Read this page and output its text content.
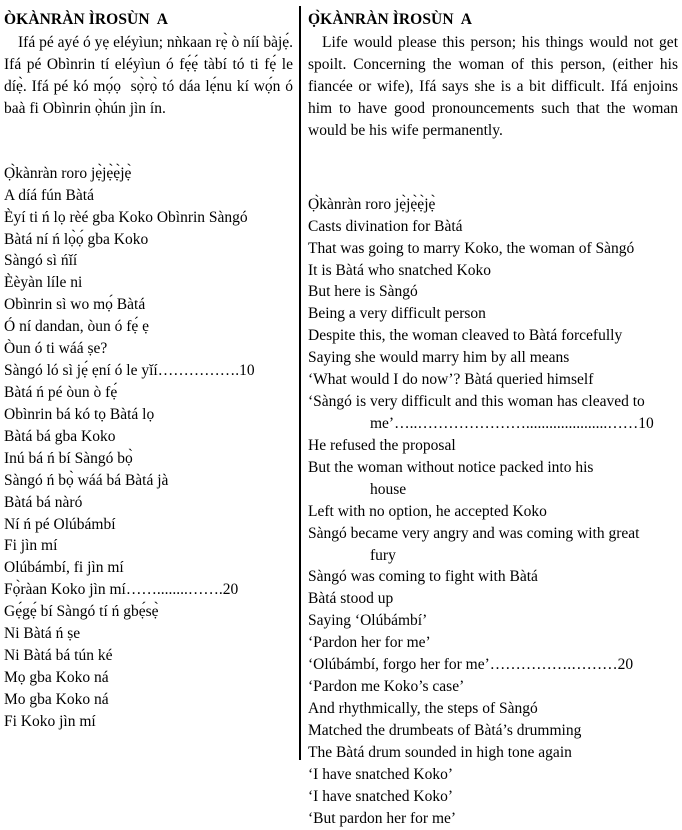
ÒKÀNRÀN ÌROSÙN  A

Ifá pé ayé ó yẹ eléyìun; nǹkaan rẹ̀ ò níí bàjẹ́. Ifá pé Obìnrin tí eléyìun ó fẹ́ẹ́ tàbí tó ti fẹ́ le díẹ̀. Ifá pé kó mọ́ọ  sọ̀rọ̀ tó dáa lẹ́nu kí wọ́n ó baà fi Obìnrin ọ̀hún jìn ín.

Ọ̀kànràn roro jẹ̀jẹ̀ẹ̀jẹ̀
A díá fún Bàtá
Èyí ti ń lọ rèé gba Koko Obìnrin Sàngó
Bàtá ní ń lọ̀ọ́ gba Koko
Sàngó sì ńǐí
Èèyàn líle ni
Obìnrin sì wo mọ́ Bàtá
Ó ní dandan, òun ó fẹ́ ẹ
Òun ó ti wáá ṣe?
Sàngó ló sì jẹ́ ẹní ó le yǐí…………….10
Bàtá ń pé òun ò fẹ́
Obìnrin bá kó tọ Bàtá lọ
Bàtá bá gba Koko
Inú bá ń bí Sàngó bọ̀
Sàngó ń bọ̀ wáá bá Bàtá jà
Bàtá bá nàró
Ní ń pé Olúbámbí
Fi jìn mí
Olúbámbí, fi jìn mí
Fọ̀ràan Koko jìn mí……........…….20
Gẹ́gẹ́ bí Sàngó tí ń gbẹ́sẹ̀
Ni Bàtá ń ṣe
Ni Bàtá bá tún ké
Mọ gba Koko ná
Mo gba Koko ná
Fi Koko jìn mí
Ọ̀KÀNRÀN ÌROSÙN  A

Life would please this person; his things would not get spoilt. Concerning the woman of this person, (either his fiancée or wife), Ifá says she is a bit difficult. Ifá enjoins him to have good pronouncements such that the woman would be his wife permanently.

Ọ̀kànràn roro jẹ̀jẹ̀ẹ̀jẹ̀
Casts divination for Bàtá
That was going to marry Koko, the woman of Sàngó
It is Bàtá who snatched Koko
But here is Sàngó
Being a very difficult person
Despite this, the woman cleaved to Bàtá forcefully
Saying she would marry him by all means
‘What would I do now’? Bàtá queried himself
‘Sàngó is very difficult and this woman has cleaved to
me’…..………………….....................……10
He refused the proposal
But the woman without notice packed into his
house
Left with no option, he accepted Koko
Sàngó became very angry and was coming with great
fury
Sàngó was coming to fight with Bàtá
Bàtá stood up
Saying ‘Olúbámbí’
‘Pardon her for me’
‘Olúbámbí, forgo her for me’…………….………20
‘Pardon me Koko’s case’
And rhythmically, the steps of Sàngó
Matched the drumbeats of Bàtá’s drumming
The Bàtá drum sounded in high tone again
‘I have snatched Koko’
‘I have snatched Koko’
‘But pardon her for me’
